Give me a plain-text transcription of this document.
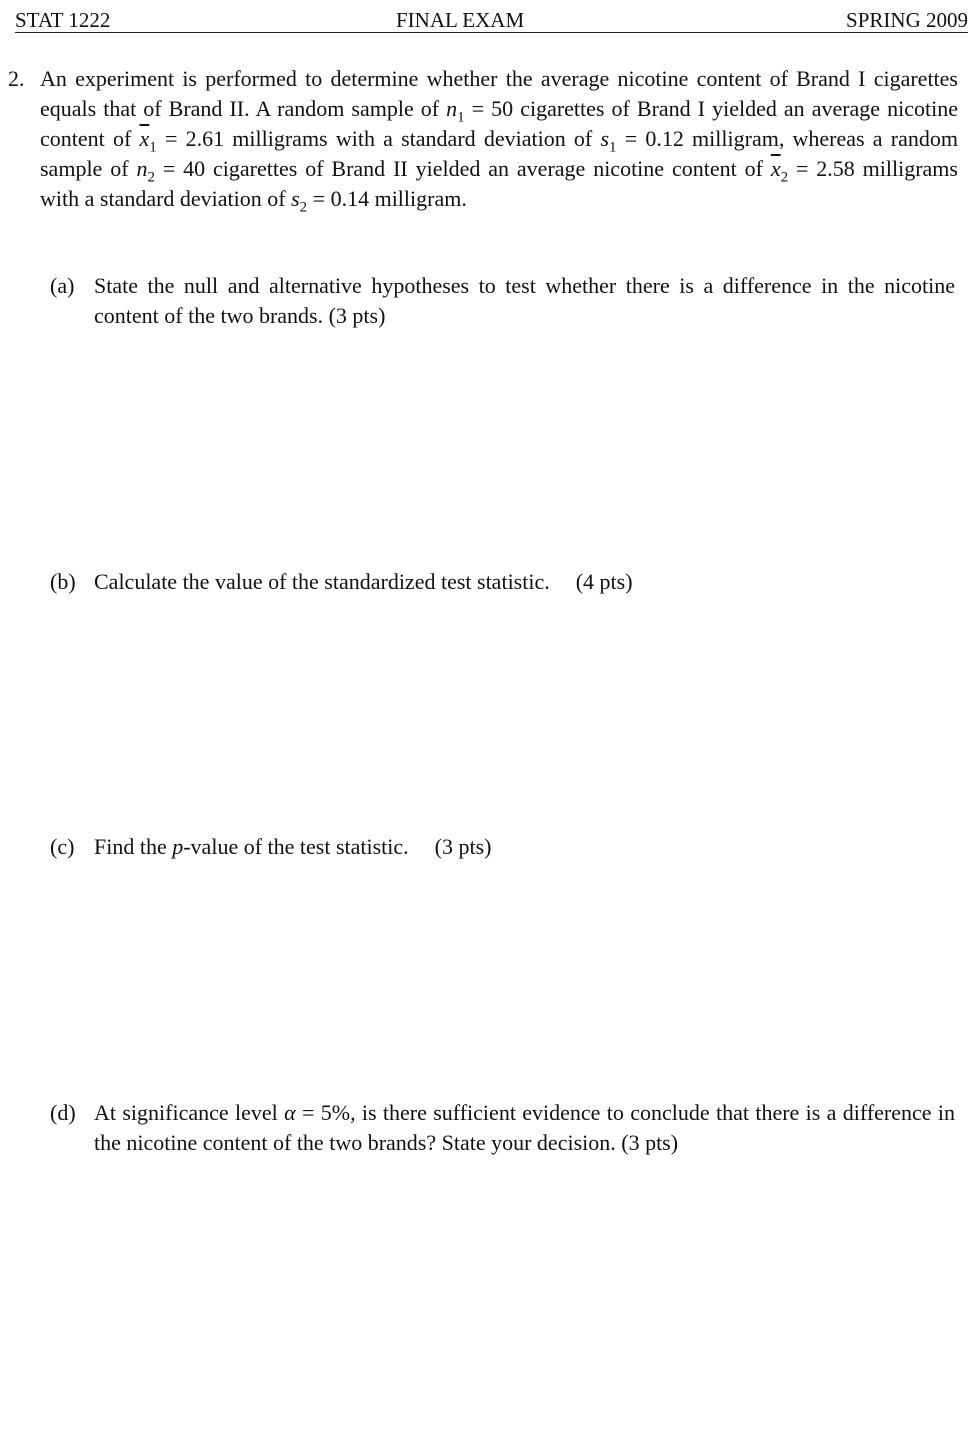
STAT 1222	FINAL EXAM	SPRING 2009
2. An experiment is performed to determine whether the average nicotine content of Brand I cigarettes equals that of Brand II. A random sample of $n_1 = 50$ cigarettes of Brand I yielded an average nicotine content of $\overline{x}_1 = 2.61$ milligrams with a standard deviation of $s_1 = 0.12$ milligram, whereas a random sample of $n_2 = 40$ cigarettes of Brand II yielded an average nicotine content of $\overline{x}_2 = 2.58$ milligrams with a standard deviation of $s_2 = 0.14$ milligram.
(a) State the null and alternative hypotheses to test whether there is a difference in the nicotine content of the two brands. (3 pts)
(b) Calculate the value of the standardized test statistic. (4 pts)
(c) Find the p-value of the test statistic. (3 pts)
(d) At significance level α = 5%, is there sufficient evidence to conclude that there is a difference in the nicotine content of the two brands? State your decision. (3 pts)
